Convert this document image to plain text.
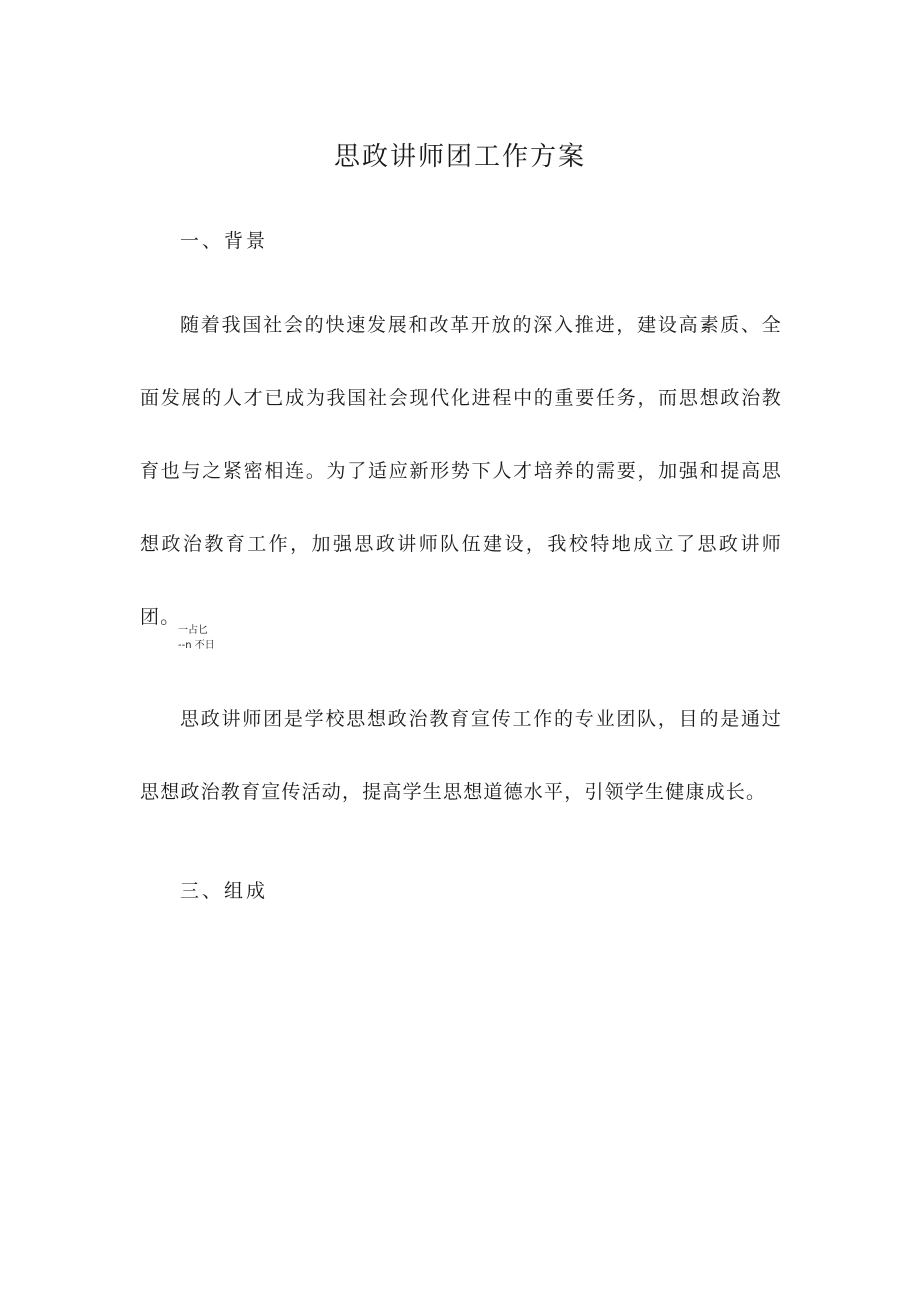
思政讲师团工作方案
一、背景

随着我国社会的快速发展和改革开放的深入推进，建设高素质、全面发展的人才已成为我国社会现代化进程中的重要任务，而思想政治教育也与之紧密相连。为了适应新形势下人才培养的需要，加强和提高思想政治教育工作，加强思政讲师队伍建设，我校特地成立了思政讲师团。

一占匕
--n 不日

思政讲师团是学校思想政治教育宣传工作的专业团队，目的是通过思想政治教育宣传活动，提高学生思想道德水平，引领学生健康成长。

三、组成
